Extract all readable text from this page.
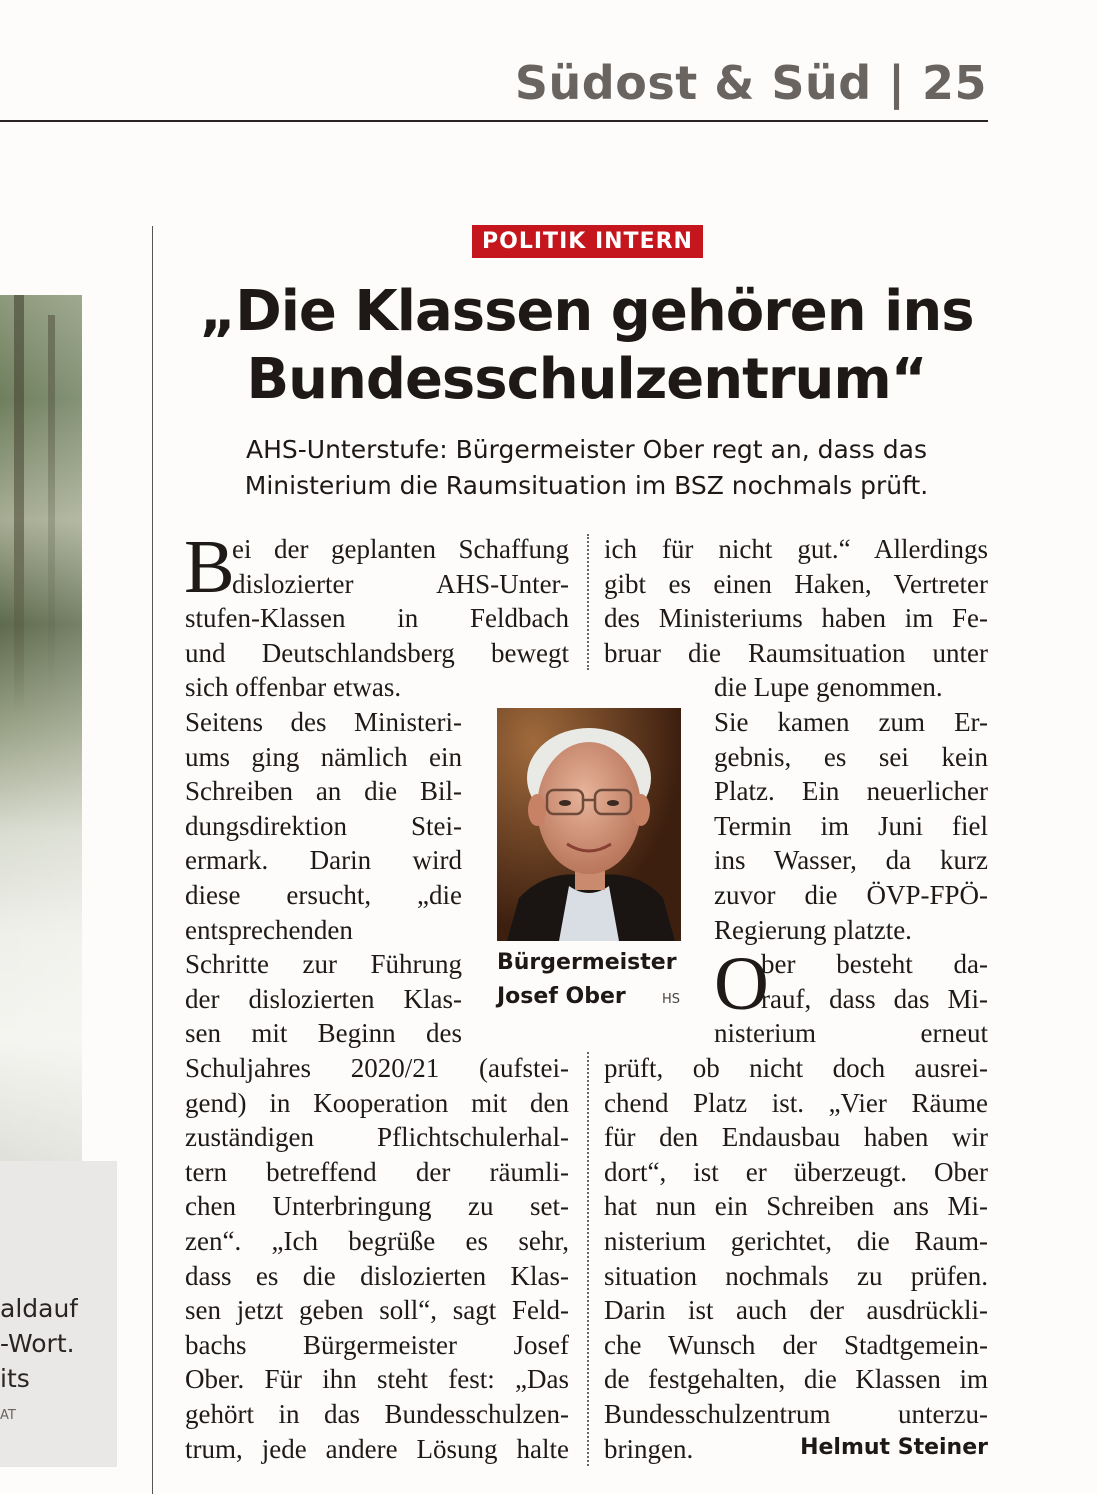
Südost & Süd | 25
aldauf
-Wort.
its
AT
POLITIK INTERN
„Die Klassen gehören ins
Bundesschulzentrum“
AHS-Unterstufe: Bürgermeister Ober regt an, dass das
Ministerium die Raumsituation im BSZ nochmals prüft.
B
O
ei der geplanten Schaffung
dislozierter AHS-Unter-
stufen-Klassen in Feldbach
und Deutschlandsberg bewegt
sich offenbar etwas.
Seitens des Ministeri-
ums ging nämlich ein
Schreiben an die Bil-
dungsdirektion Stei-
ermark. Darin wird
diese ersucht, „die
entsprechenden
Schritte zur Führung
der dislozierten Klas-
sen mit Beginn des
Schuljahres 2020/21 (aufstei-
gend) in Kooperation mit den
zuständigen Pflichtschulerhal-
tern betreffend der räumli-
chen Unterbringung zu set-
zen“. „Ich begrüße es sehr,
dass es die dislozierten Klas-
sen jetzt geben soll“, sagt Feld-
bachs Bürgermeister Josef
Ober. Für ihn steht fest: „Das
gehört in das Bundesschulzen-
trum, jede andere Lösung halte
ich für nicht gut.“ Allerdings
gibt es einen Haken, Vertreter
des Ministeriums haben im Fe-
bruar die Raumsituation unter
die Lupe genommen.
Sie kamen zum Er-
gebnis, es sei kein
Platz. Ein neuerlicher
Termin im Juni fiel
ins Wasser, da kurz
zuvor die ÖVP-FPÖ-
Regierung platzte.
ber besteht da-
rauf, dass das Mi-
nisterium erneut
prüft, ob nicht doch ausrei-
chend Platz ist. „Vier Räume
für den Endausbau haben wir
dort“, ist er überzeugt. Ober
hat nun ein Schreiben ans Mi-
nisterium gerichtet, die Raum-
situation nochmals zu prüfen.
Darin ist auch der ausdrückli-
che Wunsch der Stadtgemein-
de festgehalten, die Klassen im
Bundesschulzentrum unterzu-
bringen.
Bürgermeister
Josef Ober	HS
Helmut Steiner
